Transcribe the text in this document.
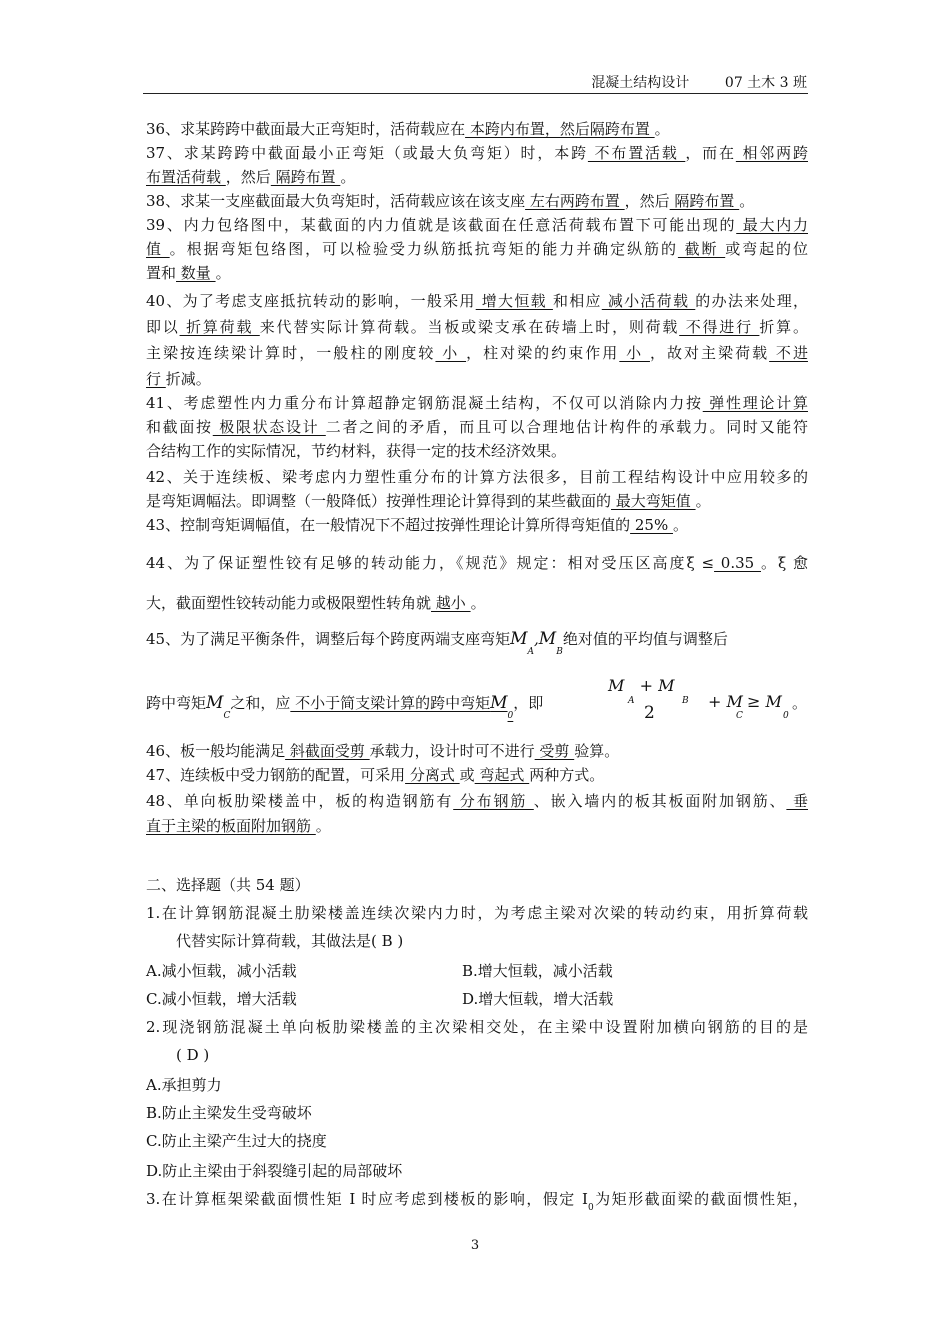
混凝土结构设计	07 土木 3 班
36、求某跨跨中截面最大正弯矩时，活荷载应在 本跨内布置，然后隔跨布置 。
37、求某跨跨中截面最小正弯矩（或最大负弯矩）时，本跨 不布置活载 ，而在 相邻两跨
布置活荷载 ，然后 隔跨布置 。
38、求某一支座截面最大负弯矩时，活荷载应该在该支座 左右两跨布置 ，然后 隔跨布置 。
39、内力包络图中，某截面的内力值就是该截面在任意活荷载布置下可能出现的 最大内力
值 。根据弯矩包络图，可以检验受力纵筋抵抗弯矩的能力并确定纵筋的 截断 或弯起的位
置和 数量 。
40、为了考虑支座抵抗转动的影响，一般采用 增大恒载 和相应 减小活荷载 的办法来处理，
即以 折算荷载 来代替实际计算荷载。当板或梁支承在砖墙上时，则荷载 不得进行 折算。
主梁按连续梁计算时，一般柱的刚度较 小 ，柱对梁的约束作用 小 ，故对主梁荷载 不进
行 折减。
41、考虑塑性内力重分布计算超静定钢筋混凝土结构，不仅可以消除内力按 弹性理论计算
和截面按 极限状态设计 二者之间的矛盾，而且可以合理地估计构件的承载力。同时又能符
合结构工作的实际情况，节约材料，获得一定的技术经济效果。
42、关于连续板、梁考虑内力塑性重分布的计算方法很多，目前工程结构设计中应用较多的
是弯矩调幅法。即调整（一般降低）按弹性理论计算得到的某些截面的 最大弯矩值 。
43、控制弯矩调幅值，在一般情况下不超过按弹性理论计算所得弯矩值的 25% 。
44、为了保证塑性铰有足够的转动能力，《规范》规定：相对受压区高度ξ ≤ 0.35 。ξ 愈
大，截面塑性铰转动能力或极限塑性转角就 越小 。
45、为了满足平衡条件，调整后每个跨度两端支座弯矩$M_A,M_B$绝对值的平均值与调整后
跨中弯矩$M_C$之和，应 不小于简支梁计算的跨中弯矩$M_0$，即
M   + M
A	B
2
+ M
C
≥ M
0
。
46、板一般均能满足 斜截面受剪 承载力，设计时可不进行 受剪 验算。
47、连续板中受力钢筋的配置，可采用 分离式 或 弯起式 两种方式。
48、单向板肋梁楼盖中，板的构造钢筋有 分布钢筋 、嵌入墙内的板其板面附加钢筋、 垂
直于主梁的板面附加钢筋 。
二、选择题（共 54 题）
1.在计算钢筋混凝土肋梁楼盖连续次梁内力时，为考虑主梁对次梁的转动约束，用折算荷载
代替实际计算荷载，其做法是( B )
A.减小恒载，减小活载	B.增大恒载，减小活载
C.减小恒载，增大活载	D.增大恒载，增大活载
2.现浇钢筋混凝土单向板肋梁楼盖的主次梁相交处，在主梁中设置附加横向钢筋的目的是
( D )
A.承担剪力
B.防止主梁发生受弯破坏
C.防止主梁产生过大的挠度
D.防止主梁由于斜裂缝引起的局部破坏
3.在计算框架梁截面惯性矩 I 时应考虑到楼板的影响，假定 $I_0$为矩形截面梁的截面惯性矩，
3
